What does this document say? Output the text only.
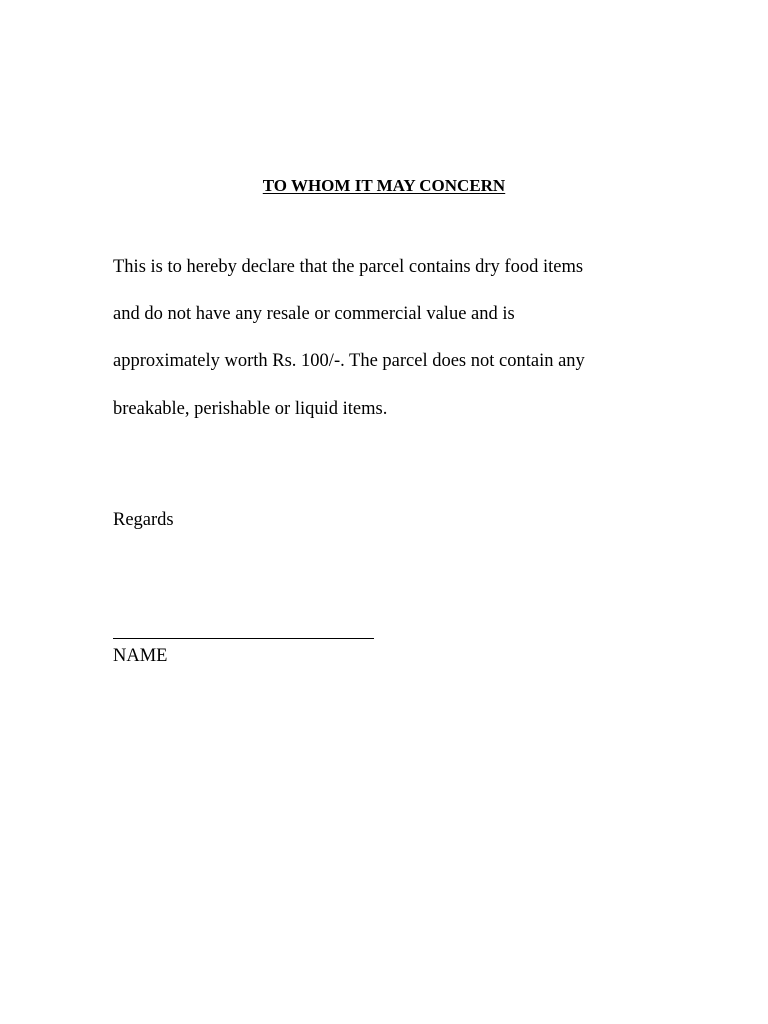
TO WHOM IT MAY CONCERN
This is to hereby declare that the parcel contains dry food items
and do not have any resale or commercial value and is
approximately worth Rs. 100/-. The parcel does not contain any
breakable, perishable or liquid items.
Regards
NAME
